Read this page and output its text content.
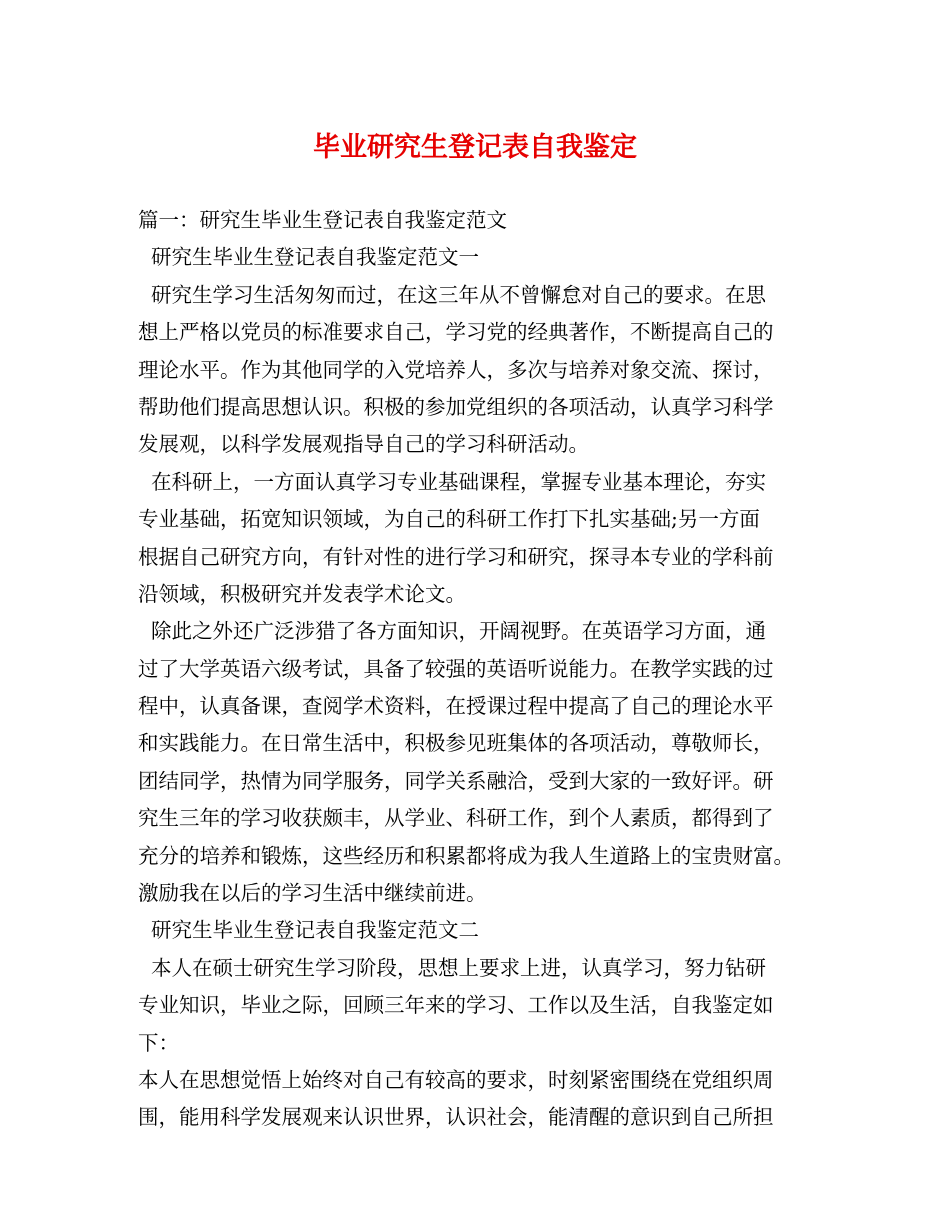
毕业研究生登记表自我鉴定
篇一：研究生毕业生登记表自我鉴定范文
研究生毕业生登记表自我鉴定范文一
研究生学习生活匆匆而过，在这三年从不曾懈怠对自己的要求。在思
想上严格以党员的标准要求自己，学习党的经典著作，不断提高自己的
理论水平。作为其他同学的入党培养人，多次与培养对象交流、探讨，
帮助他们提高思想认识。积极的参加党组织的各项活动，认真学习科学
发展观，以科学发展观指导自己的学习科研活动。
在科研上，一方面认真学习专业基础课程，掌握专业基本理论，夯实
专业基础，拓宽知识领域，为自己的科研工作打下扎实基础;另一方面
根据自己研究方向，有针对性的进行学习和研究，探寻本专业的学科前
沿领域，积极研究并发表学术论文。
除此之外还广泛涉猎了各方面知识，开阔视野。在英语学习方面，通
过了大学英语六级考试，具备了较强的英语听说能力。在教学实践的过
程中，认真备课，查阅学术资料，在授课过程中提高了自己的理论水平
和实践能力。在日常生活中，积极参见班集体的各项活动，尊敬师长，
团结同学，热情为同学服务，同学关系融洽，受到大家的一致好评。研
究生三年的学习收获颇丰，从学业、科研工作，到个人素质，都得到了
充分的培养和锻炼，这些经历和积累都将成为我人生道路上的宝贵财富。
激励我在以后的学习生活中继续前进。
研究生毕业生登记表自我鉴定范文二
本人在硕士研究生学习阶段，思想上要求上进，认真学习，努力钻研
专业知识，毕业之际，回顾三年来的学习、工作以及生活，自我鉴定如
下：
本人在思想觉悟上始终对自己有较高的要求，时刻紧密围绕在党组织周
围，能用科学发展观来认识世界，认识社会，能清醒的意识到自己所担
